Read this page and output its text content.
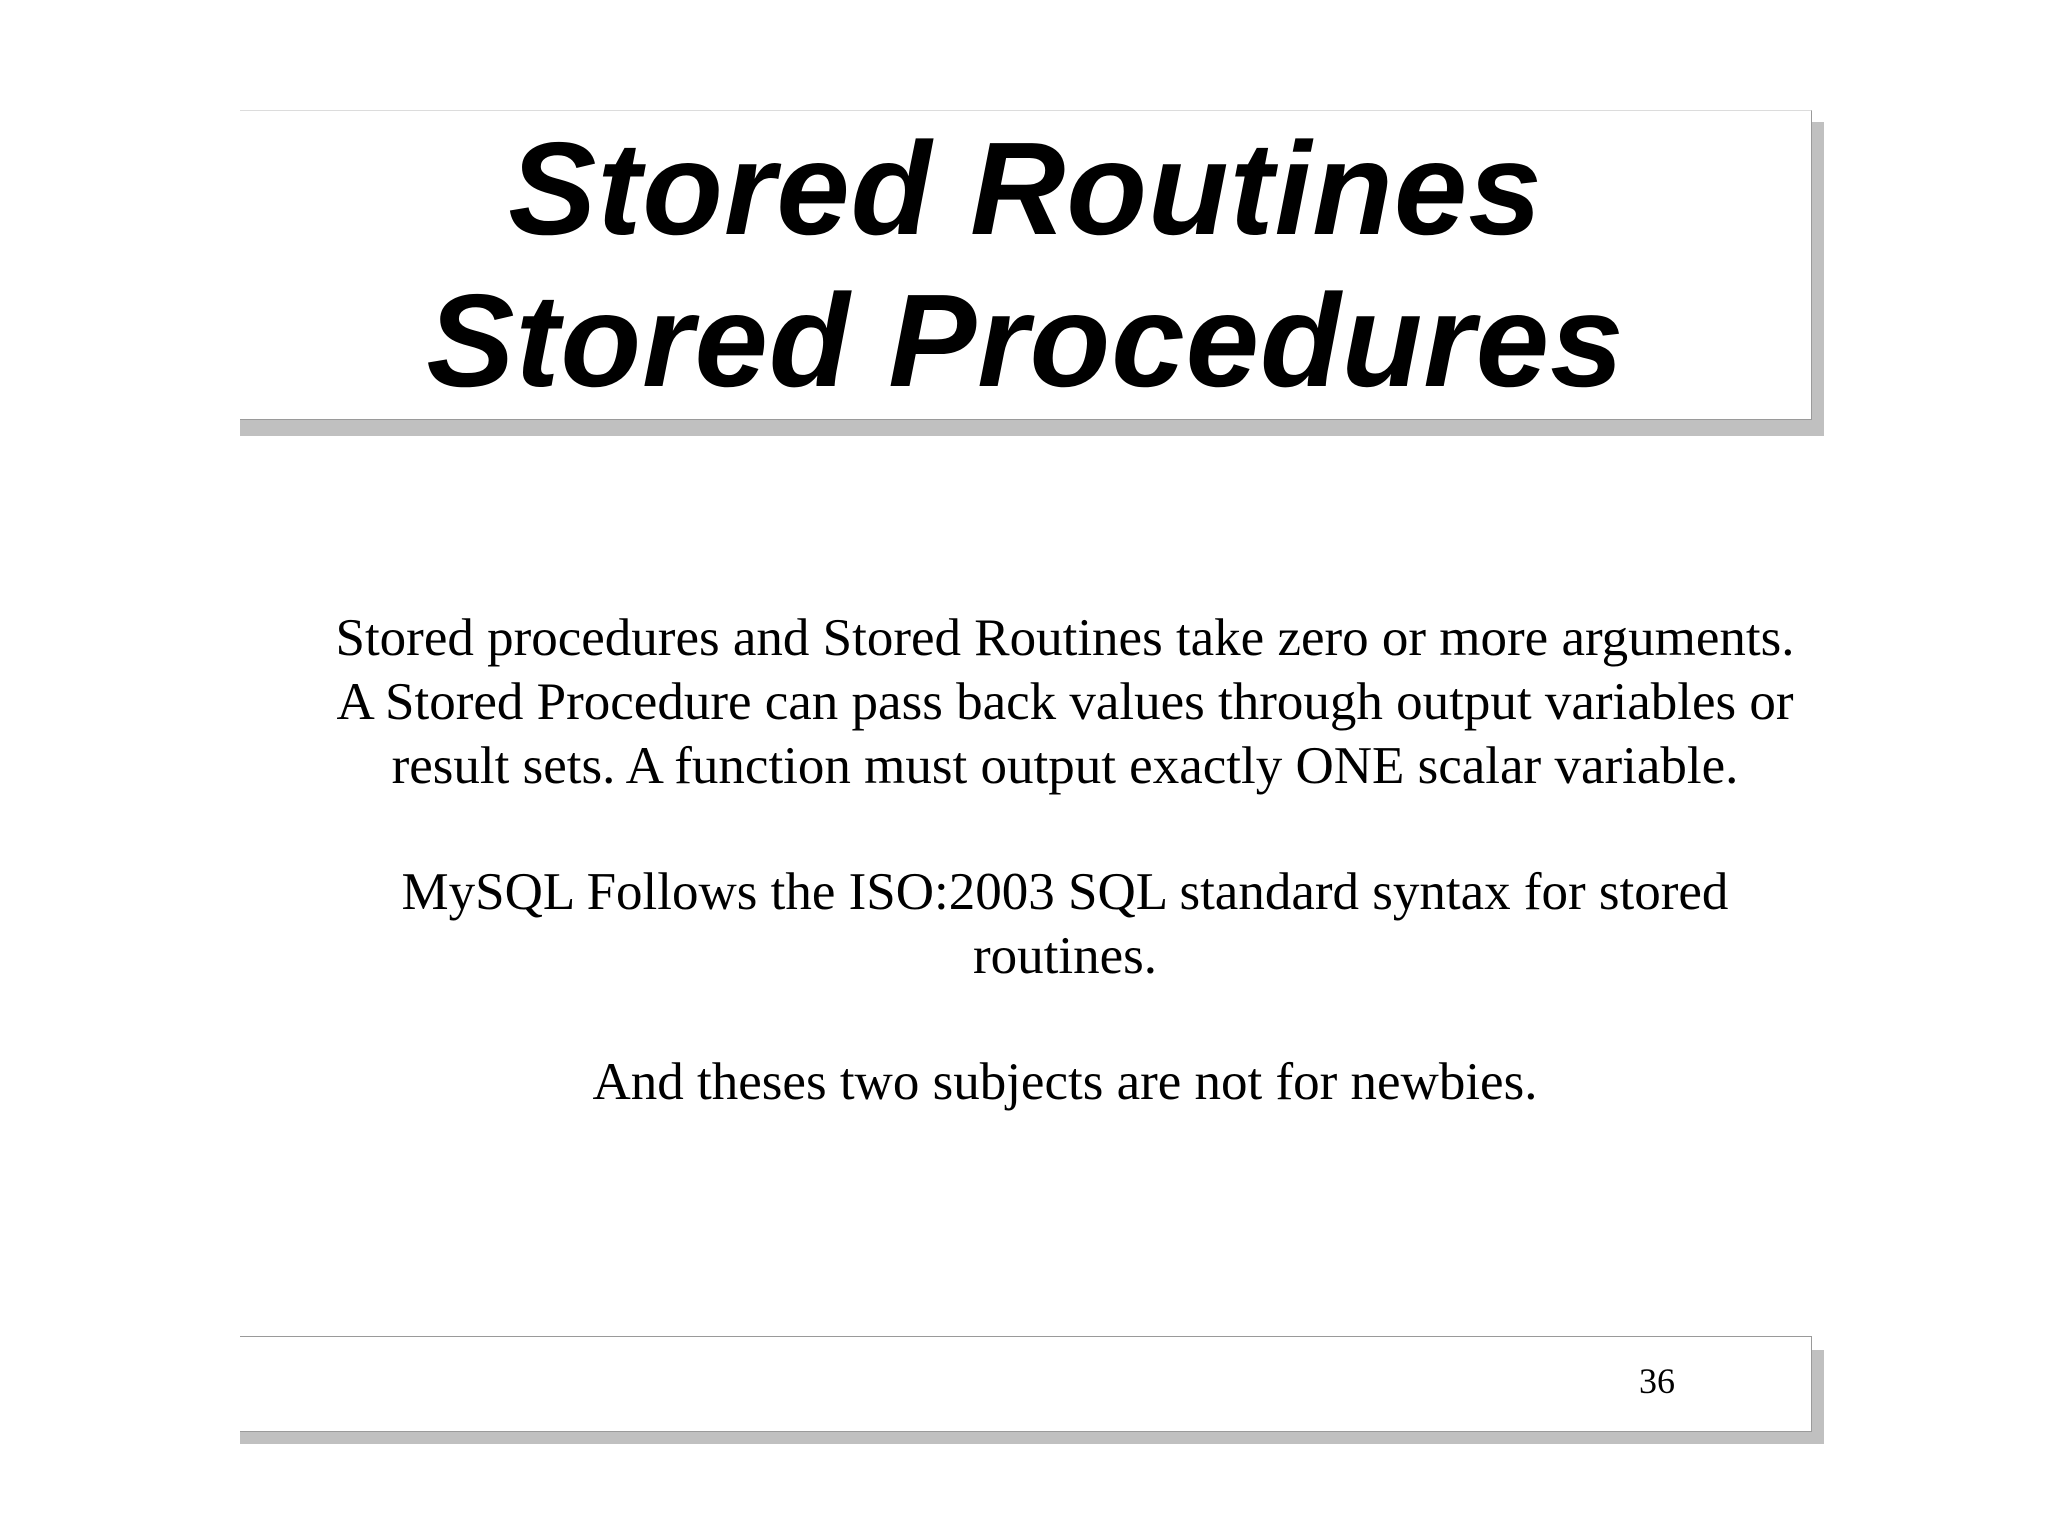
Stored Routines
Stored Procedures

Stored procedures and Stored Routines take zero or more arguments. A Stored Procedure can pass back values through output variables or result sets. A function must output exactly ONE scalar variable.

MySQL Follows the ISO:2003 SQL standard syntax for stored routines.

And theses two subjects are not for newbies.

36
